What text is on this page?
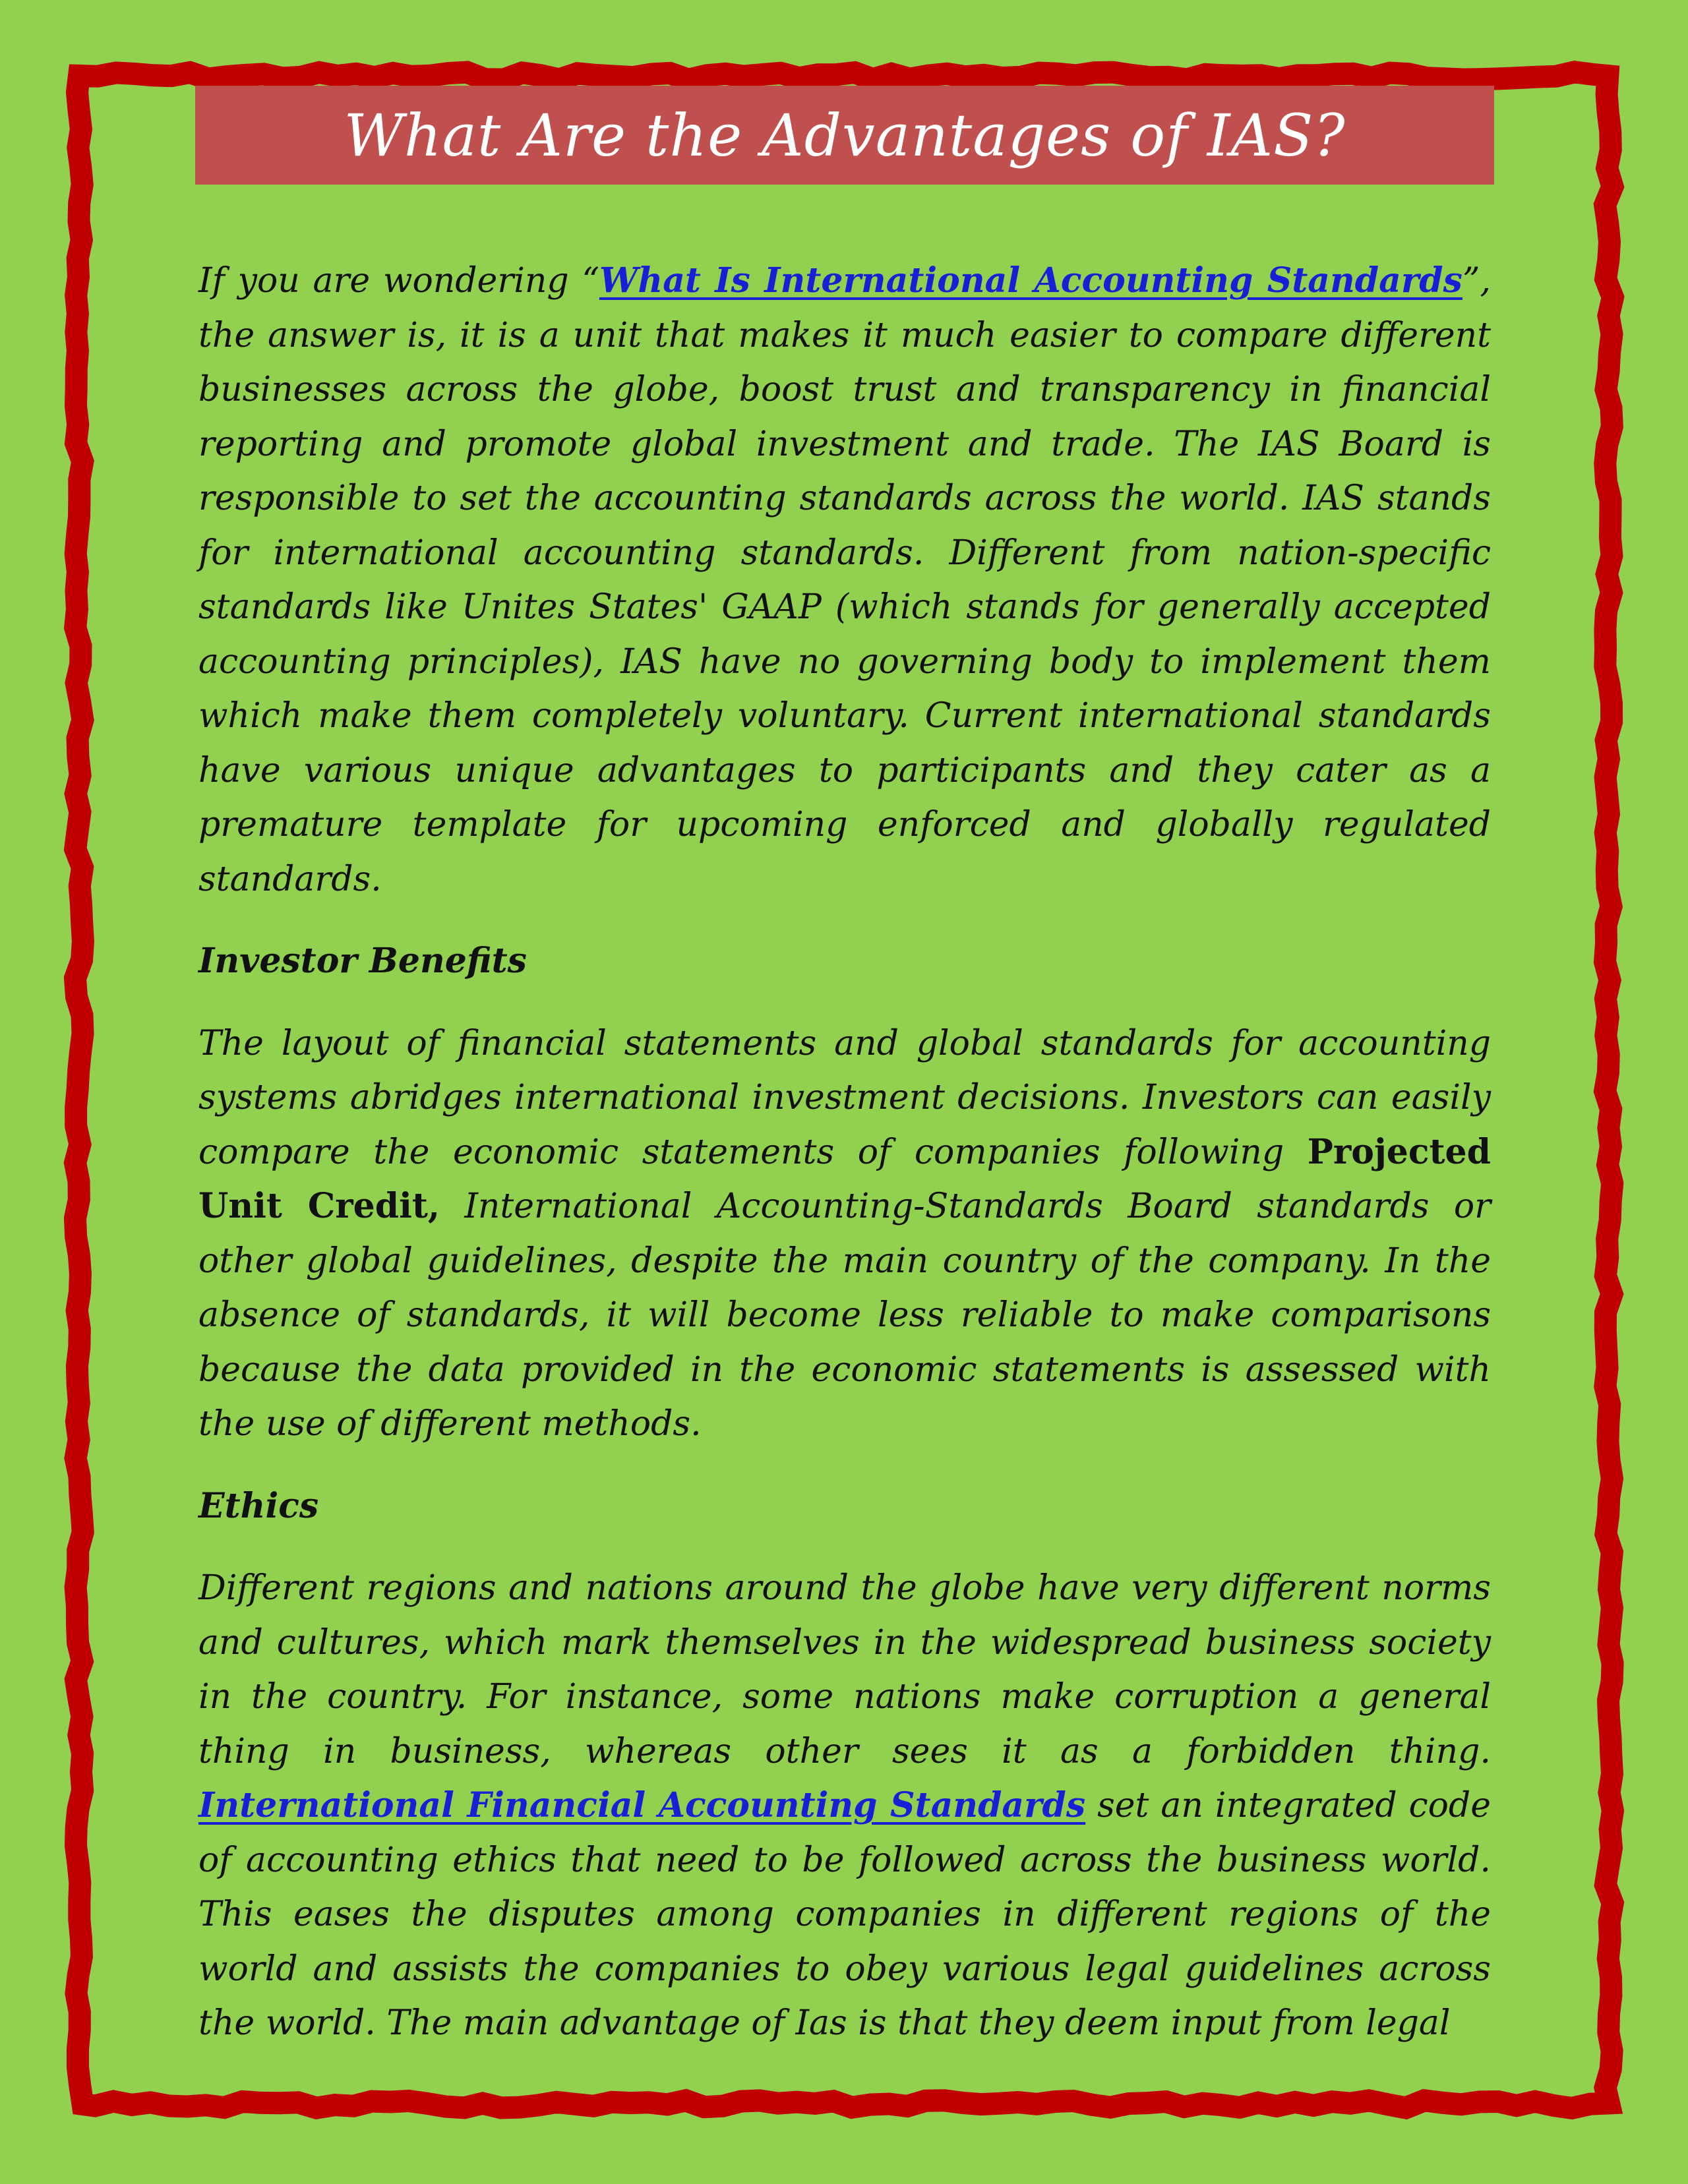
What Are the Advantages of IAS?

If you are wondering “What Is International Accounting Standards”, the answer is, it is a unit that makes it much easier to compare different businesses across the globe, boost trust and transparency in financial reporting and promote global investment and trade. The IAS Board is responsible to set the accounting standards across the world. IAS stands for international accounting standards. Different from nation-specific standards like Unites States' GAAP (which stands for generally accepted accounting principles), IAS have no governing body to implement them which make them completely voluntary. Current international standards have various unique advantages to participants and they cater as a premature template for upcoming enforced and globally regulated standards.

Investor Benefits

The layout of financial statements and global standards for accounting systems abridges international investment decisions. Investors can easily compare the economic statements of companies following Projected Unit Credit, International Accounting-Standards Board standards or other global guidelines, despite the main country of the company. In the absence of standards, it will become less reliable to make comparisons because the data provided in the economic statements is assessed with the use of different methods.

Ethics

Different regions and nations around the globe have very different norms and cultures, which mark themselves in the widespread business society in the country. For instance, some nations make corruption a general thing in business, whereas other sees it as a forbidden thing. International Financial Accounting Standards set an integrated code of accounting ethics that need to be followed across the business world. This eases the disputes among companies in different regions of the world and assists the companies to obey various legal guidelines across the world. The main advantage of Ias is that they deem input from legal
